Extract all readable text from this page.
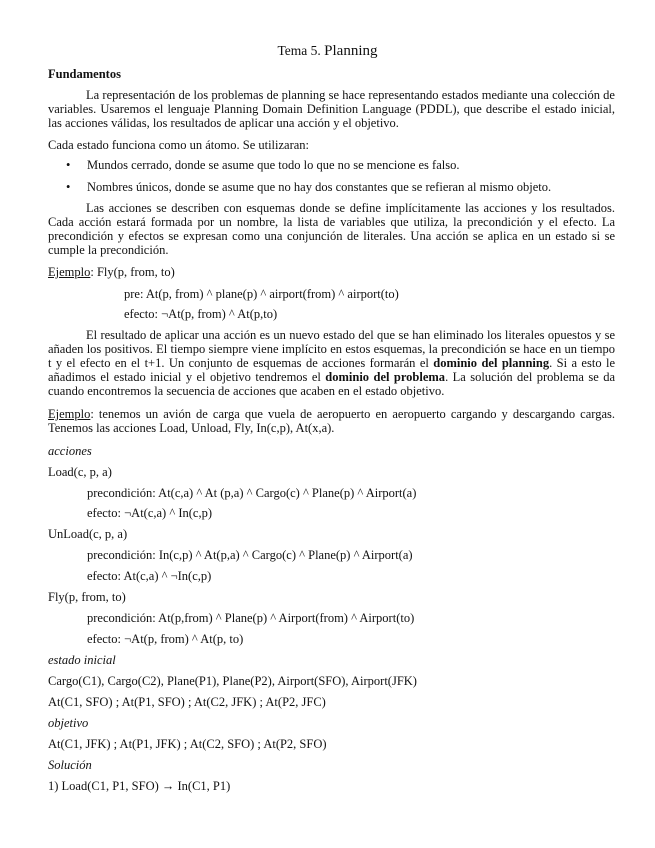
Tema 5. Planning
Fundamentos
La representación de los problemas de planning se hace representando estados mediante una colección de variables. Usaremos el lenguaje Planning Domain Definition Language (PDDL), que describe el estado inicial, las acciones válidas, los resultados de aplicar una acción y el objetivo.
Cada estado funciona como un átomo. Se utilizaran:
• Mundos cerrado, donde se asume que todo lo que no se mencione es falso.
• Nombres únicos, donde se asume que no hay dos constantes que se refieran al mismo objeto.
Las acciones se describen con esquemas donde se define implícitamente las acciones y los resultados. Cada acción estará formada por un nombre, la lista de variables que utiliza, la precondición y el efecto. La precondición y efectos se expresan como una conjunción de literales. Una acción se aplica en un estado si se cumple la precondición.
Ejemplo: Fly(p, from, to)
pre: At(p, from) ^ plane(p) ^ airport(from) ^ airport(to)
efecto: ¬At(p, from) ^ At(p,to)
El resultado de aplicar una acción es un nuevo estado del que se han eliminado los literales opuestos y se añaden los positivos. El tiempo siempre viene implícito en estos esquemas, la precondición se hace en un tiempo t y el efecto en el t+1. Un conjunto de esquemas de acciones formarán el dominio del planning. Si a esto le añadimos el estado inicial y el objetivo tendremos el dominio del problema. La solución del problema se da cuando encontremos la secuencia de acciones que acaben en el estado objetivo.
Ejemplo: tenemos un avión de carga que vuela de aeropuerto en aeropuerto cargando y descargando cargas. Tenemos las acciones Load, Unload, Fly, In(c,p), At(x,a).
acciones
Load(c, p, a)
precondición: At(c,a) ^ At (p,a) ^ Cargo(c) ^ Plane(p) ^ Airport(a)
efecto: ¬At(c,a) ^ In(c,p)
UnLoad(c, p, a)
precondición: In(c,p) ^ At(p,a) ^ Cargo(c) ^ Plane(p) ^ Airport(a)
efecto: At(c,a) ^ ¬In(c,p)
Fly(p, from, to)
precondición: At(p,from) ^ Plane(p) ^ Airport(from) ^ Airport(to)
efecto: ¬At(p, from) ^ At(p, to)
estado inicial
Cargo(C1), Cargo(C2), Plane(P1), Plane(P2), Airport(SFO), Airport(JFK)
At(C1, SFO) ; At(P1, SFO) ; At(C2, JFK) ; At(P2, JFC)
objetivo
At(C1, JFK) ; At(P1, JFK) ; At(C2, SFO) ; At(P2, SFO)
Solución
1) Load(C1, P1, SFO) → In(C1, P1)
